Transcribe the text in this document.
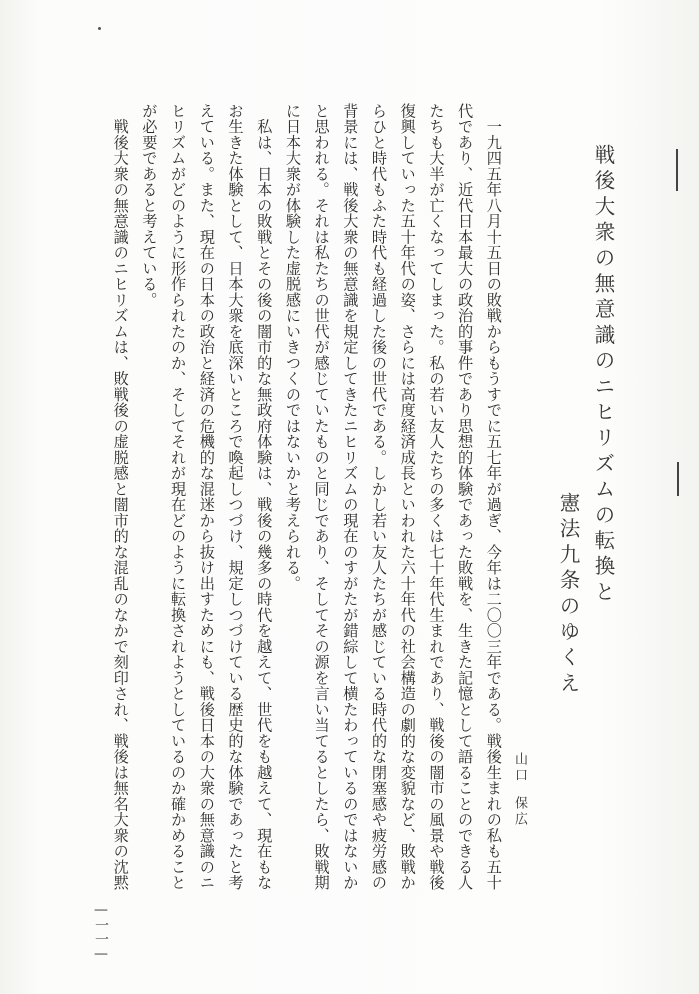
戦後大衆の無意識のニヒリズムの転換と
憲法九条のゆくえ
山口保広

　一九四五年八月十五日の敗戦からもうすでに五七年が過ぎ、今年は二〇〇三年である。戦後生まれの私も五十代であり、近代日本最大の政治的事件であり思想的体験であった敗戦を、生きた記憶として語ることのできる人たちも大半が亡くなってしまった。私の若い友人たちの多くは七十年代生まれであり、戦後の闇市の風景や戦後復興していった五十年代の姿、さらには高度経済成長といわれた六十年代の社会構造の劇的な変貌など、敗戦からひと時代もふた時代も経過した後の世代である。しかし若い友人たちが感じている時代的な閉塞感や疲労感の背景には、戦後大衆の無意識を規定してきたニヒリズムの現在のすがたが錯綜して横たわっているのではないかと思われる。それは私たちの世代が感じていたものと同じであり、そしてその源を言い当てるとしたら、敗戦期に日本大衆が体験した虚脱感にいきつくのではないかと考えられる。

　私は、日本の敗戦とその後の闇市的な無政府体験は、戦後の幾多の時代を越えて、世代をも越えて、現在もなお生きた体験として、日本大衆を底深いところで喚起しつづけ、規定しつづけている歴史的な体験であったと考えている。また、現在の日本の政治と経済の危機的な混迷から抜け出すためにも、戦後日本の大衆の無意識のニヒリズムがどのように形作られたのか、そしてそれが現在どのように転換されようとしているのか確かめることが必要であると考えている。

　戦後大衆の無意識のニヒリズムは、敗戦後の虚脱感と闇市的な混乱のなかで刻印され、戦後は無名大衆の沈黙

—一一—
